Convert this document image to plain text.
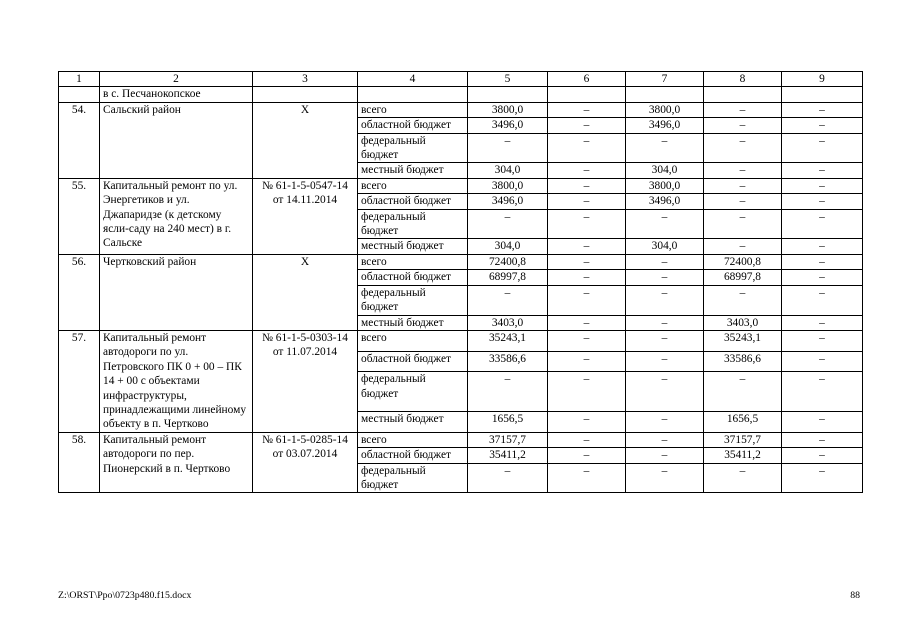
1	2	3	4	5	6	7	8	9
	в с. Песчанокопское							
54.	Сальский район	Х	всего	3800,0	–	3800,0	–	–
			областной бюджет	3496,0	–	3496,0	–	–
			федеральный бюджет	–	–	–	–	–
			местный бюджет	304,0	–	304,0	–	–
55.	Капитальный ремонт по ул. Энергетиков и ул. Джапаридзе (к детскому ясли-саду на 240 мест) в г. Сальске	№ 61-1-5-0547-14 от 14.11.2014	всего	3800,0	–	3800,0	–	–
			областной бюджет	3496,0	–	3496,0	–	–
			федеральный бюджет	–	–	–	–	–
			местный бюджет	304,0	–	304,0	–	–
56.	Чертковский район	Х	всего	72400,8	–	–	72400,8	–
			областной бюджет	68997,8	–	–	68997,8	–
			федеральный бюджет	–	–	–	–	–
			местный бюджет	3403,0	–	–	3403,0	–
57.	Капитальный ремонт автодороги по ул. Петровского ПК 0 + 00 – ПК 14 + 00 с объектами инфраструктуры, принадлежащими линейному объекту в п. Чертково	№ 61-1-5-0303-14 от 11.07.2014	всего	35243,1	–	–	35243,1	–
			областной бюджет	33586,6	–	–	33586,6	–
			федеральный бюджет	–	–	–	–	–
			местный бюджет	1656,5	–	–	1656,5	–
58.	Капитальный ремонт автодороги по пер. Пионерский в п. Чертково	№ 61-1-5-0285-14 от 03.07.2014	всего	37157,7	–	–	37157,7	–
			областной бюджет	35411,2	–	–	35411,2	–
			федеральный бюджет	–	–	–	–	–
Z:\ORST\Ppo\0723p480.f15.docx	88
